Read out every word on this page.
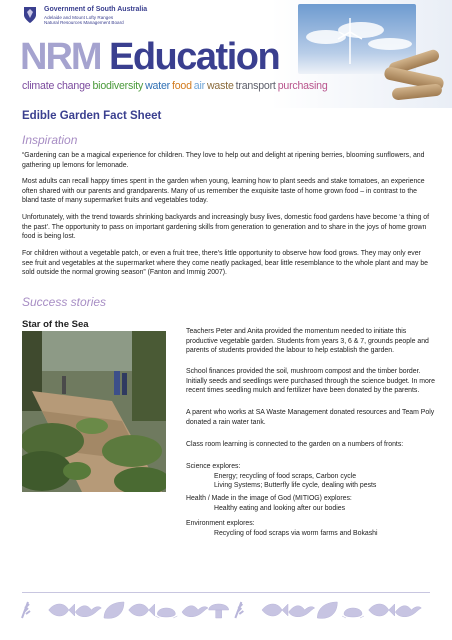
Government of South Australia
Adelaide and Mount Lofty Ranges
Natural Resources Management Board
NRM Education
climate change biodiversity water food air waste transport purchasing
Edible Garden Fact Sheet
Inspiration
“Gardening can be a magical experience for children. They love to help out and delight at ripening berries, blooming sunflowers, and gathering up lemons for lemonade.
Most adults can recall happy times spent in the garden when young, learning how to plant seeds and stake tomatoes, an experience often shared with our parents and grandparents. Many of us remember the exquisite taste of home grown food – in contrast to the bland taste of many supermarket fruits and vegetables today.
Unfortunately, with the trend towards shrinking backyards and increasingly busy lives, domestic food gardens have become ‘a thing of the past’. The opportunity to pass on important gardening skills from generation to generation and to share in the joys of home grown food is being lost.
For children without a vegetable patch, or even a fruit tree, there’s little opportunity to observe how food grows. They may only ever see fruit and vegetables at the supermarket where they come neatly packaged, bear little resemblance to the whole plant and may be sold outside the normal growing season” (Fanton and Immig 2007).
Success stories
Star of the Sea
Teachers Peter and Anita provided the momentum needed to initiate this productive vegetable garden. Students from years 3, 6 & 7, grounds people and parents of students provided the labour to help establish the garden.
School finances provided the soil, mushroom compost and the timber border. Initially seeds and seedlings were purchased through the science budget. In more recent times seedling mulch and fertilizer have been donated by the parents.
A parent who works at SA Waste Management donated resources and Team Poly donated a rain water tank.
Class room learning is connected to the garden on a numbers of fronts:
Science explores:
Energy; recycling of food scraps, Carbon cycle
Living Systems; Butterfly life cycle, dealing with pests
Health / Made in the image of God (MITIOG) explores:
Healthy eating and looking after our bodies
Environment explores:
Recycling of food scraps via worm farms and Bokashi
